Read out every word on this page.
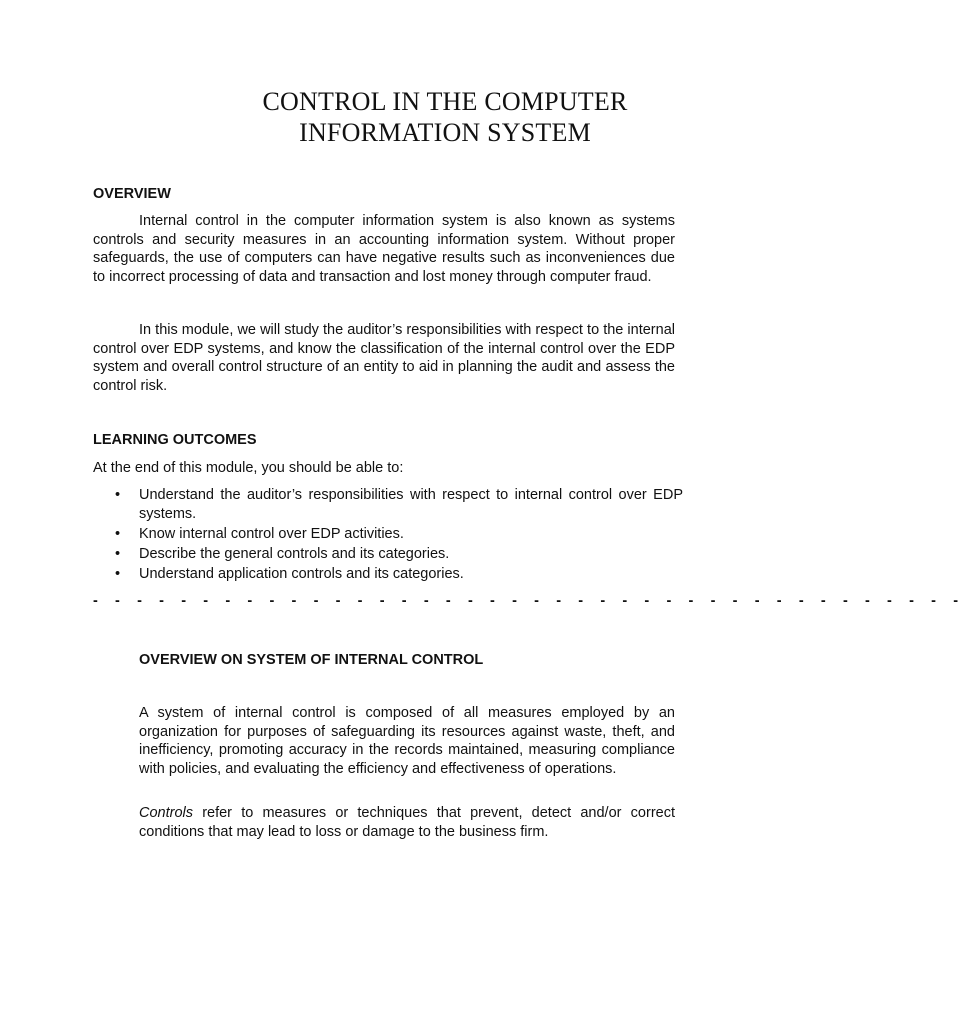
CONTROL IN THE COMPUTER
INFORMATION SYSTEM
OVERVIEW
Internal control in the computer information system is also known as systems controls and security measures in an accounting information system. Without proper safeguards, the use of computers can have negative results such as inconveniences due to incorrect processing of data and transaction and lost money through computer fraud.
In this module, we will study the auditor’s responsibilities with respect to the internal control over EDP systems, and know the classification of the internal control over the EDP system and overall control structure of an entity to aid in planning the audit and assess the control risk.
LEARNING OUTCOMES
At the end of this module, you should be able to:
• Understand the auditor’s responsibilities with respect to internal control over EDP systems.
• Know internal control over EDP activities.
• Describe the general controls and its categories.
• Understand application controls and its categories.
- - - - - - - - - - - - - - - - - - - - - - - - - - - - - - - - - - - - - - - -
OVERVIEW ON SYSTEM OF INTERNAL CONTROL
A system of internal control is composed of all measures employed by an organization for purposes of safeguarding its resources against waste, theft, and inefficiency, promoting accuracy in the records maintained, measuring compliance with policies, and evaluating the efficiency and effectiveness of operations.
Controls refer to measures or techniques that prevent, detect and/or correct conditions that may lead to loss or damage to the business firm.
